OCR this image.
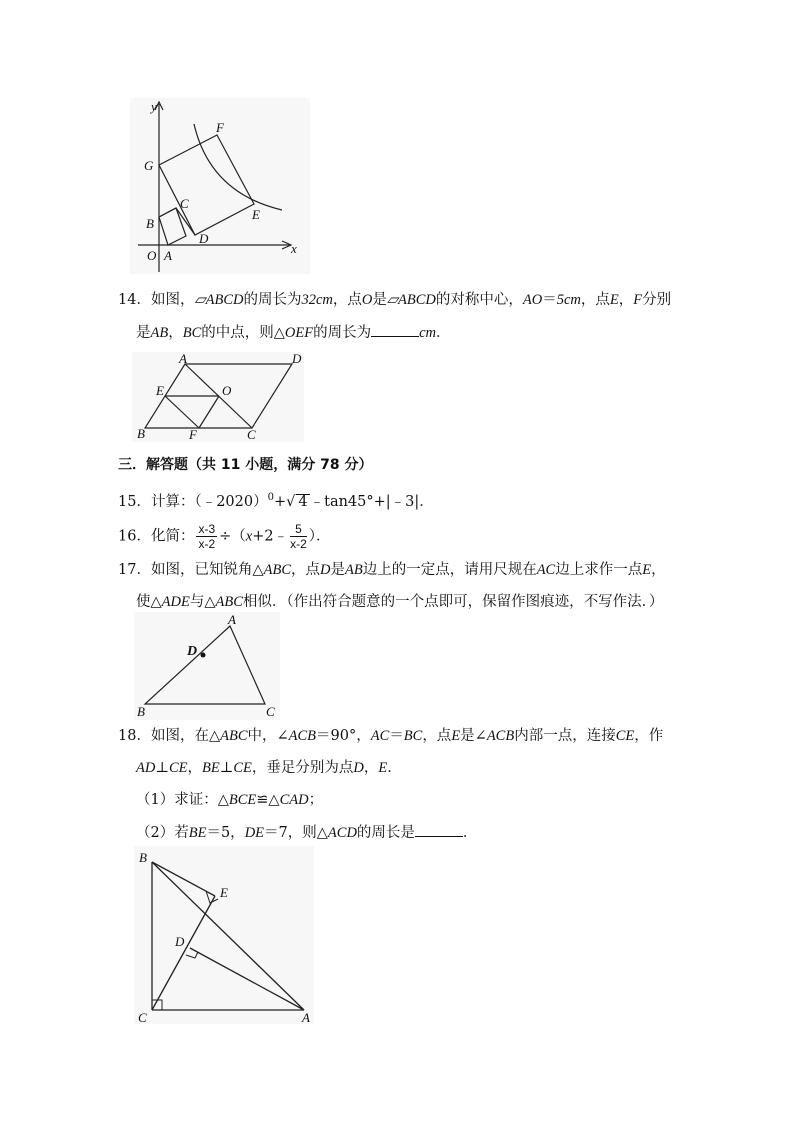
y
x
O A
B
C
D
E
F
G
14．如图，▱ABCD的周长为32cm，点O是▱ABCD的对称中心，AO＝5cm，点E，F分别
是AB，BC的中点，则△OEF的周长为	cm．
A	D
E	O
B	F	C
三．解答题（共 11 小题，满分 78 分）
15．计算：（﹣2020）$^0$+√ 4 ﹣tan45°+|﹣3|．
16．化简： $\frac{x-3}{x-2}$ ÷（x+2﹣ $\frac{5}{x-2}$ ）．
17．如图，已知锐角△ABC，点D是AB边上的一定点，请用尺规在AC边上求作一点E，
使△ADE与△ABC相似．（作出符合题意的一个点即可，保留作图痕迹，不写作法．）
A
D
B	C
18．如图，在△ABC中，∠ACB＝90°，AC＝BC，点E是∠ACB内部一点，连接CE，作
AD⊥CE，BE⊥CE，垂足分别为点D，E．
（1）求证：△BCE≌△CAD；
（2）若BE＝5，DE＝7，则△ACD的周长是	．
B
E
D
C	A
